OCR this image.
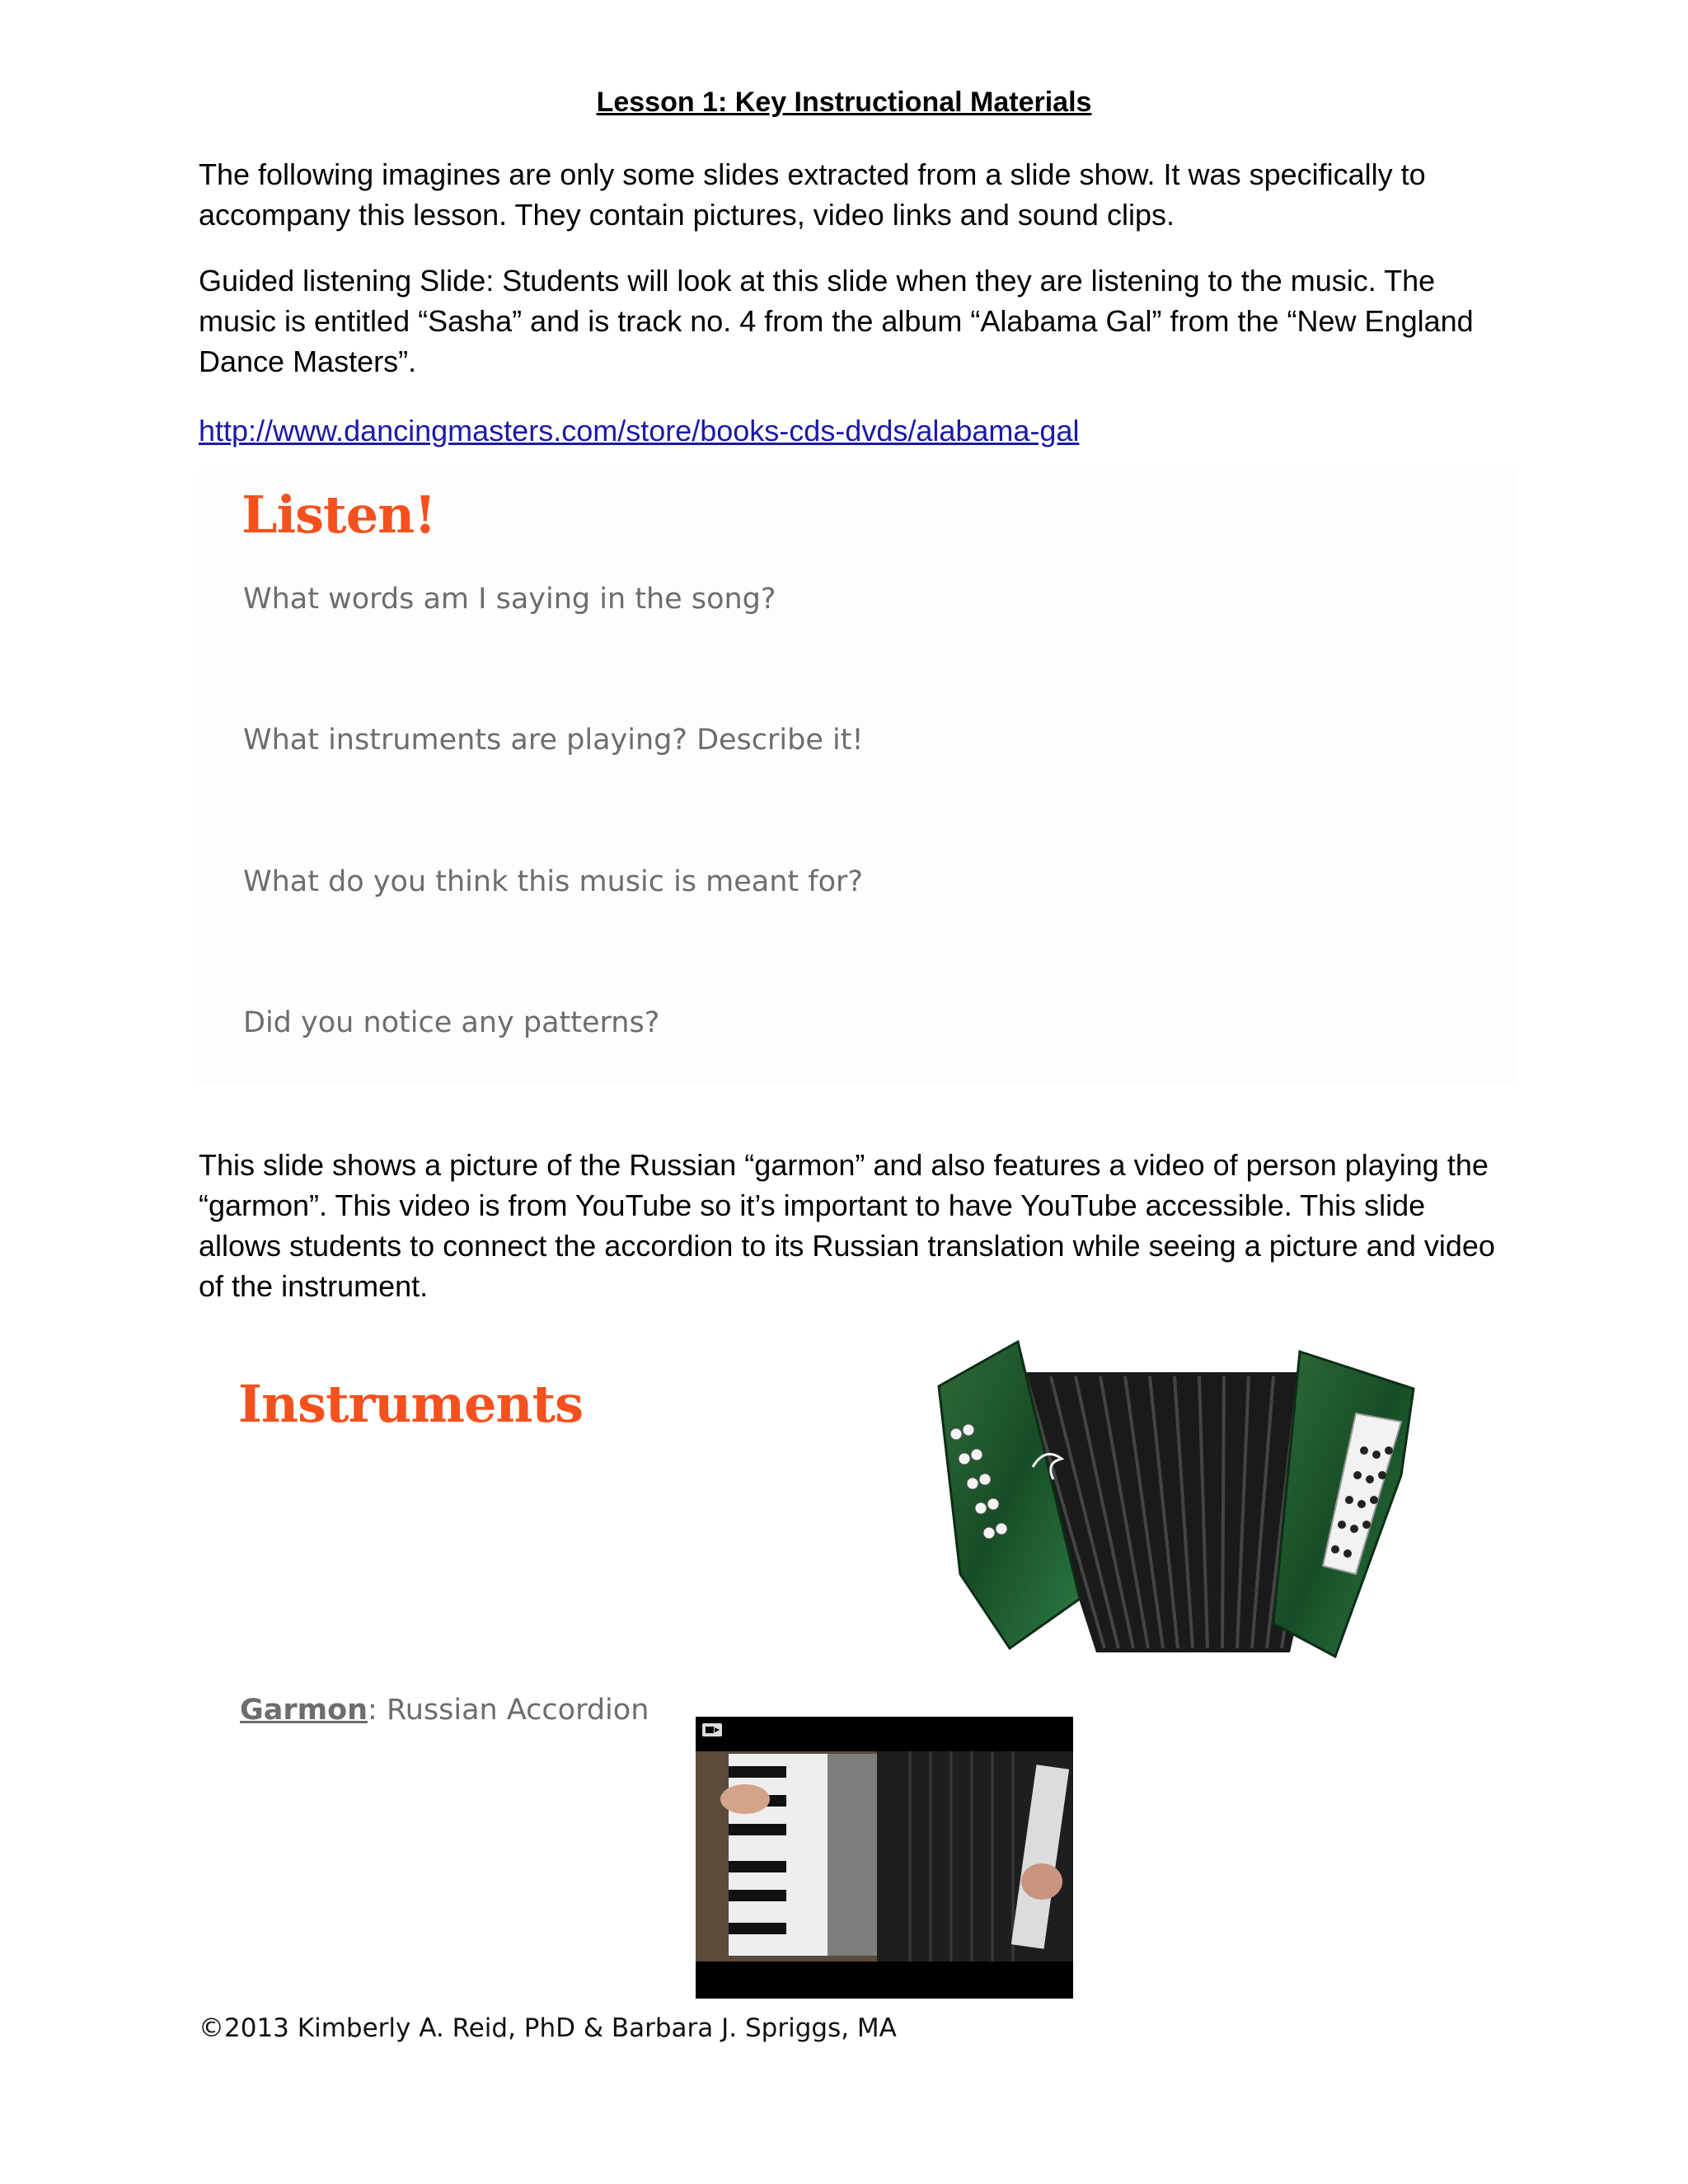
Lesson 1: Key Instructional Materials
The following imagines are only some slides extracted from a slide show. It was specifically to accompany this lesson. They contain pictures, video links and sound clips.
Guided listening Slide: Students will look at this slide when they are listening to the music. The music is entitled “Sasha” and is track no. 4 from the album “Alabama Gal” from the “New England Dance Masters”.
http://www.dancingmasters.com/store/books-cds-dvds/alabama-gal
Listen!
What words am I saying in the song?
What instruments are playing? Describe it!
What do you think this music is meant for?
Did you notice any patterns?
This slide shows a picture of the Russian “garmon” and also features a video of person playing the “garmon”. This video is from YouTube so it’s important to have YouTube accessible. This slide allows students to connect the accordion to its Russian translation while seeing a picture and video of the instrument.
Instruments
Garmon: Russian Accordion
©2013 Kimberly A. Reid, PhD & Barbara J. Spriggs, MA
